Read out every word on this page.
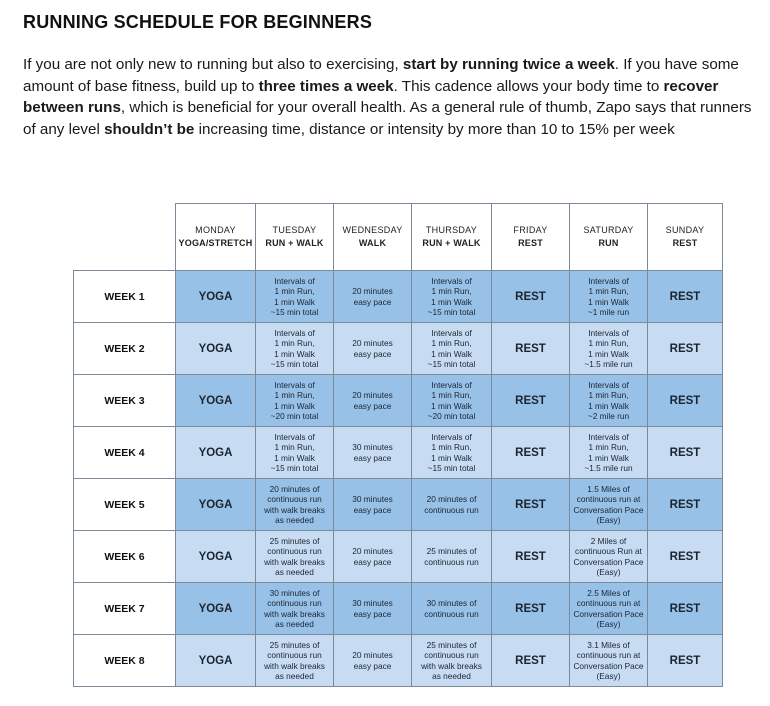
RUNNING SCHEDULE FOR BEGINNERS

If you are not only new to running but also to exercising, start by running twice a week. If you have some amount of base fitness, build up to three times a week. This cadence allows your body time to recover between runs, which is beneficial for your overall health. As a general rule of thumb, Zapo says that runners of any level shouldn’t be increasing time, distance or intensity by more than 10 to 15% per week

	MONDAY
YOGA/STRETCH	TUESDAY
RUN + WALK	WEDNESDAY
WALK	THURSDAY
RUN + WALK	FRIDAY
REST	SATURDAY
RUN	SUNDAY
REST

WEEK 1	YOGA	Intervals of
1 min Run,
1 min Walk
~15 min total	20 minutes
easy pace	Intervals of
1 min Run,
1 min Walk
~15 min total	REST	Intervals of
1 min Run,
1 min Walk
~1 mile run	REST
WEEK 2	YOGA	Intervals of
1 min Run,
1 min Walk
~15 min total	20 minutes
easy pace	Intervals of
1 min Run,
1 min Walk
~15 min total	REST	Intervals of
1 min Run,
1 min Walk
~1.5 mile run	REST
WEEK 3	YOGA	Intervals of
1 min Run,
1 min Walk
~20 min total	20 minutes
easy pace	Intervals of
1 min Run,
1 min Walk
~20 min total	REST	Intervals of
1 min Run,
1 min Walk
~2 mile run	REST
WEEK 4	YOGA	Intervals of
1 min Run,
1 min Walk
~15 min total	30 minutes
easy pace	Intervals of
1 min Run,
1 min Walk
~15 min total	REST	Intervals of
1 min Run,
1 min Walk
~1.5 mile run	REST
WEEK 5	YOGA	20 minutes of
continuous run
with walk breaks
as needed	30 minutes
easy pace	20 minutes of
continuous run	REST	1.5 Miles of
continuous run at
Conversation Pace
(Easy)	REST
WEEK 6	YOGA	25 minutes of
continuous run
with walk breaks
as needed	20 minutes
easy pace	25 minutes of
continuous run	REST	2 Miles of
continuous Run at
Conversation Pace
(Easy)	REST
WEEK 7	YOGA	30 minutes of
continuous run
with walk breaks
as needed	30 minutes
easy pace	30 minutes of
continuous run	REST	2.5 Miles of
continuous run at
Conversation Pace
(Easy)	REST
WEEK 8	YOGA	25 minutes of
continuous run
with walk breaks
as needed	20 minutes
easy pace	25 minutes of
continuous run
with walk breaks
as needed	REST	3.1 Miles of
continuous run at
Conversation Pace
(Easy)	REST
